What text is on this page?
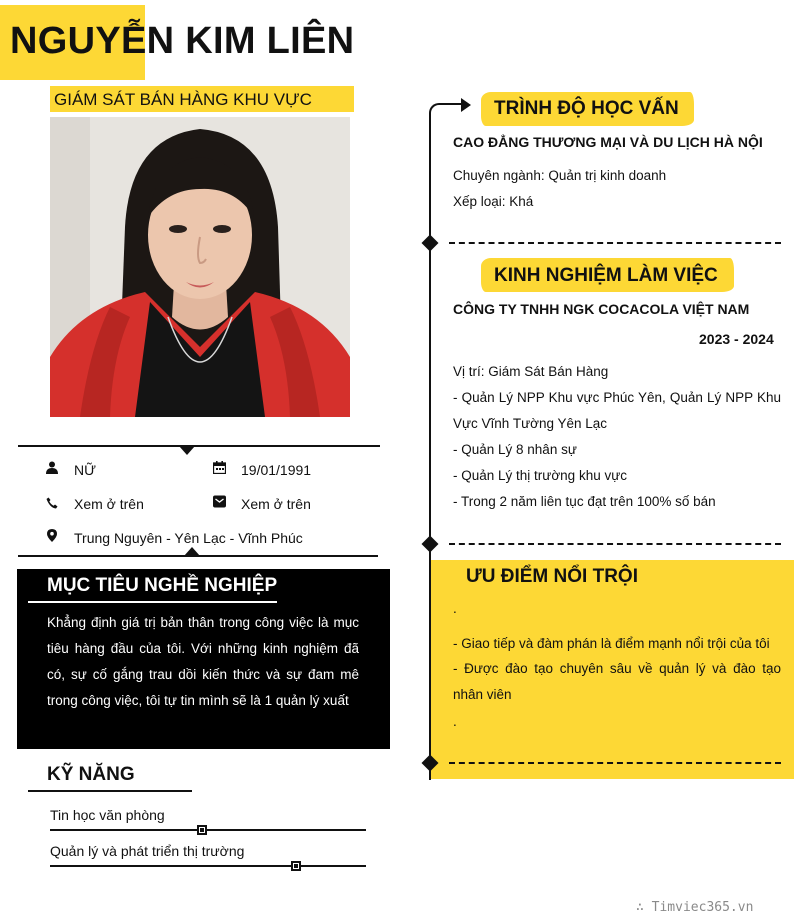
NGUYỄN KIM LIÊN
GIÁM SÁT BÁN HÀNG KHU VỰC
NỮ	19/01/1991
Xem ở trên	Xem ở trên
Trung Nguyên - Yên Lạc - Vĩnh Phúc
MỤC TIÊU NGHỀ NGHIỆP
Khẳng định giá trị bản thân trong công việc là mục tiêu hàng đầu của tôi. Với những kinh nghiệm đã có, sự cố gắng trau dồi kiến thức và sự đam mê trong công việc, tôi tự tin mình sẽ là 1 quản lý xuất
KỸ NĂNG
Tin học văn phòng
Quản lý và phát triển thị trường
TRÌNH ĐỘ HỌC VẤN
CAO ĐẲNG THƯƠNG MẠI VÀ DU LỊCH HÀ NỘI
Chuyên ngành: Quản trị kinh doanh
Xếp loại: Khá
KINH NGHIỆM LÀM VIỆC
CÔNG TY TNHH NGK COCACOLA VIỆT NAM
2023 - 2024
Vị trí: Giám Sát Bán Hàng
- Quản Lý NPP Khu vực Phúc Yên, Quản Lý NPP Khu Vực Vĩnh Tường Yên Lạc
- Quản Lý 8 nhân sự
- Quản Lý thị trường khu vực
- Trong 2 năm liên tục đạt trên 100% số bán
ƯU ĐIỂM NỔI TRỘI
.
- Giao tiếp và đàm phán là điểm mạnh nổi trội của tôi
- Được đào tạo chuyên sâu về quản lý và đào tạo nhân viên
.
∴ Timviec365.vn
